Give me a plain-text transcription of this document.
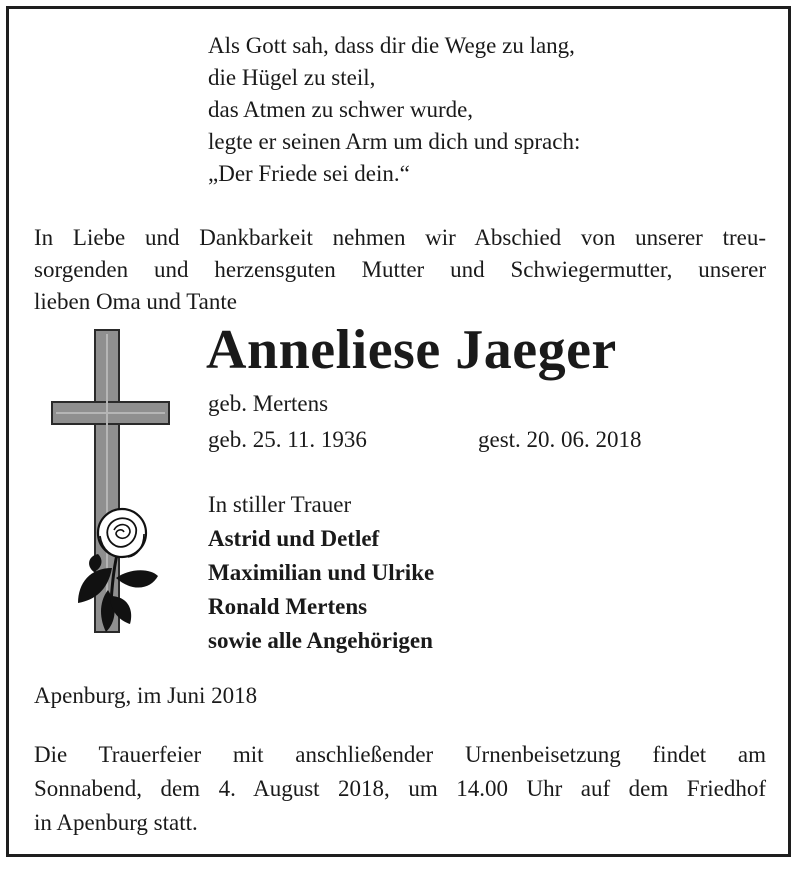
Als Gott sah, dass dir die Wege zu lang,
die Hügel zu steil,
das Atmen zu schwer wurde,
legte er seinen Arm um dich und sprach:
„Der Friede sei dein.“
In Liebe und Dankbarkeit nehmen wir Abschied von unserer treu-
sorgenden und herzensguten Mutter und Schwiegermutter, unserer
lieben Oma und Tante
Anneliese Jaeger
geb. Mertens
geb. 25. 11. 1936	gest. 20. 06. 2018
In stiller Trauer
Astrid und Detlef
Maximilian und Ulrike
Ronald Mertens
sowie alle Angehörigen
Apenburg, im Juni 2018
Die Trauerfeier mit anschließender Urnenbeisetzung findet am
Sonnabend, dem 4. August 2018, um 14.00 Uhr auf dem Friedhof
in Apenburg statt.
